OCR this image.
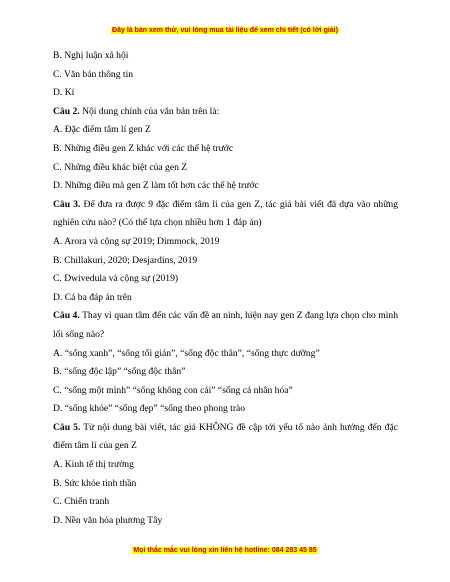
Đây là bản xem thử, vui lòng mua tài liệu để xem chi tiết (có lời giải)
B. Nghị luận xã hội
C. Văn bản thông tin
D. Kí
Câu 2. Nội dung chính của văn bản trên là:
A. Đặc điểm tâm lí gen Z
B. Những điều gen Z khác với các thế hệ trước
C. Những điều khác biệt của gen Z
D. Những điều mà gen Z làm tốt hơn các thế hệ trước
Câu 3. Để đưa ra được 9 đặc điểm tâm lí của gen Z, tác giả bài viết đã dựa vào những nghiên cứu nào? (Có thể lựa chọn nhiều hơn 1 đáp án)
A. Arora và cộng sự 2019; Dimmock, 2019
B. Chillakuri, 2020; Desjardins, 2019
C. Dwivedula và cộng sự (2019)
D. Cả ba đáp án trên
Câu 4. Thay vì quan tâm đến các vấn đề an ninh, hiện nay gen Z đang lựa chọn cho mình lối sống nào?
A. “sống xanh”, “sống tối giản”, “sống độc thân”, “sống thực dưỡng”
B. “sống độc lập” “sống độc thân”
C. “sống một mình” “sống không con cái” “sống cá nhân hóa”
D. “sống khỏe” “sống đẹp” “sống theo phong trào
Câu 5. Từ nội dung bài viết, tác giả KHÔNG đề cập tới yếu tố nào ảnh hưởng đến đặc điểm tâm lí của gen Z
A. Kinh tế thị trường
B. Sức khỏe tinh thần
C. Chiến tranh
D. Nền văn hóa phương Tây
Mọi thắc mắc vui lòng xin liên hệ hotline: 084 283 45 85
